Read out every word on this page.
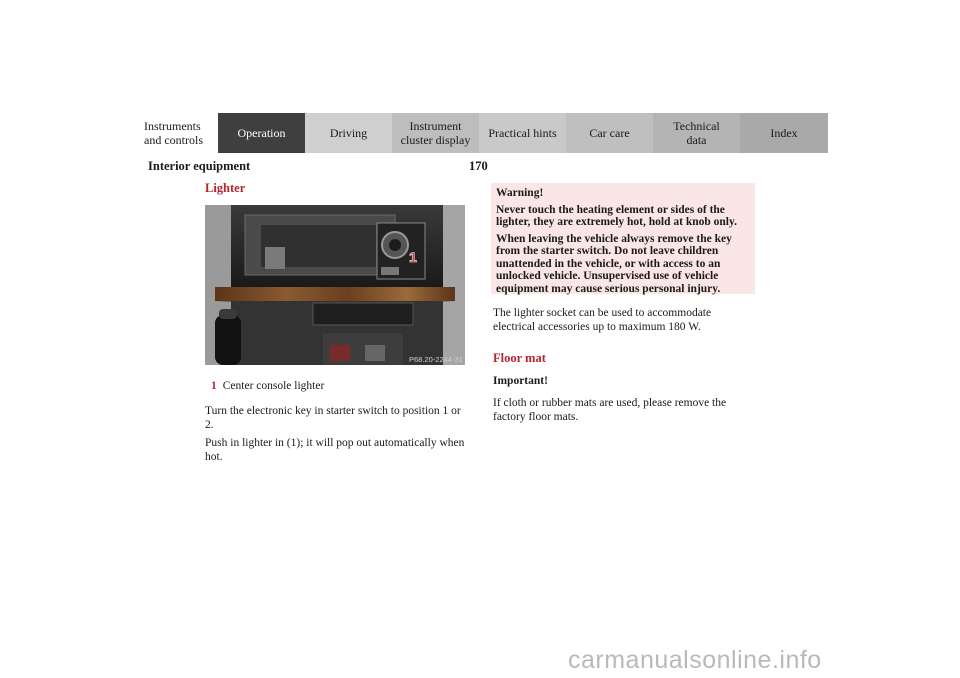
Instruments
and controls	Operation	Driving	Instrument
cluster display Practical hints	Car care	Technical
data	Index
Interior equipment	170
Lighter
1
P68.20-2244-31
1 Center console lighter
Turn the electronic key in starter switch to position 1 or 2.
Push in lighter in (1); it will pop out automatically when hot.

Warning!

Never touch the heating element or sides of the lighter, they are extremely hot, hold at knob only.

When leaving the vehicle always remove the key from the starter switch. Do not leave children unattended in the vehicle, or with access to an unlocked vehicle. Unsupervised use of vehicle equipment may cause serious personal injury.

The lighter socket can be used to accommodate electrical accessories up to maximum 180 W.
Floor mat
Important!
If cloth or rubber mats are used, please remove the factory floor mats.
carmanualsonline.info
